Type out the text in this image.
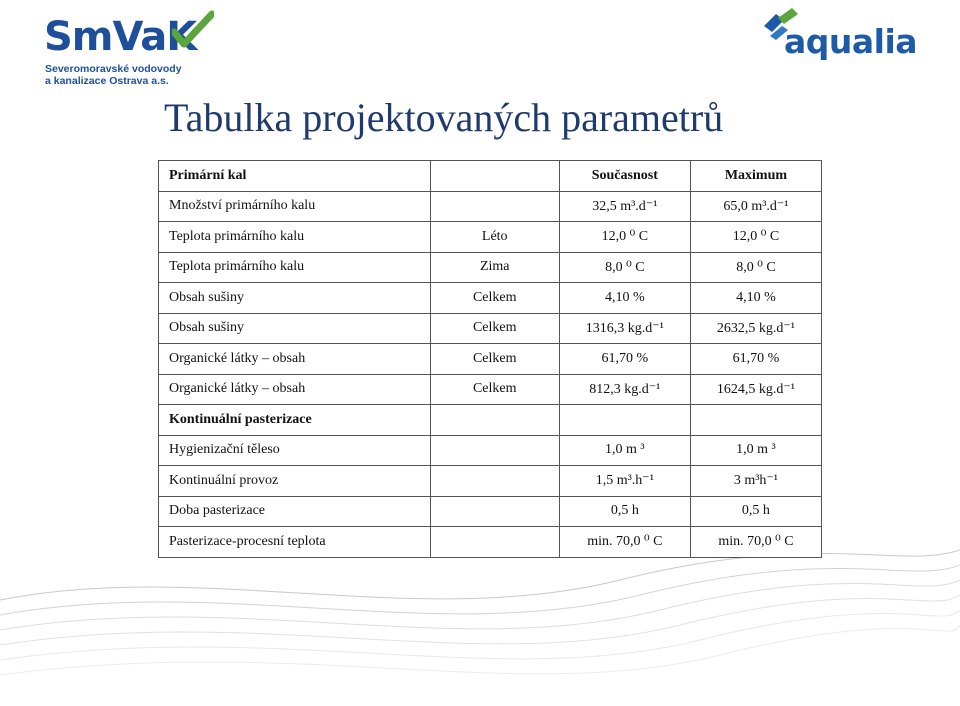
SmVaK
Severomoravské vodovody
a kanalizace Ostrava a.s.
aqualia
Tabulka projektovaných parametrů
Primární kal		Současnost	Maximum
Množství primárního kalu		32,5 m³.d⁻¹	65,0 m³.d⁻¹
Teplota primárního kalu	Léto	12,0 ⁰ C	12,0 ⁰ C
Teplota primárního kalu	Zima	8,0 ⁰ C	8,0 ⁰ C
Obsah sušiny	Celkem	4,10 %	4,10 %
Obsah sušiny	Celkem	1316,3 kg.d⁻¹	2632,5 kg.d⁻¹
Organické látky – obsah	Celkem	61,70 %	61,70 %
Organické látky – obsah	Celkem	812,3 kg.d⁻¹	1624,5 kg.d⁻¹
Kontinuální pasterizace			
Hygienizační těleso		1,0 m ³	1,0 m ³
Kontinuální provoz		1,5 m³.h⁻¹	3 m³h⁻¹
Doba pasterizace		0,5 h	0,5 h
Pasterizace-procesní teplota		min. 70,0 ⁰ C	min. 70,0 ⁰ C
